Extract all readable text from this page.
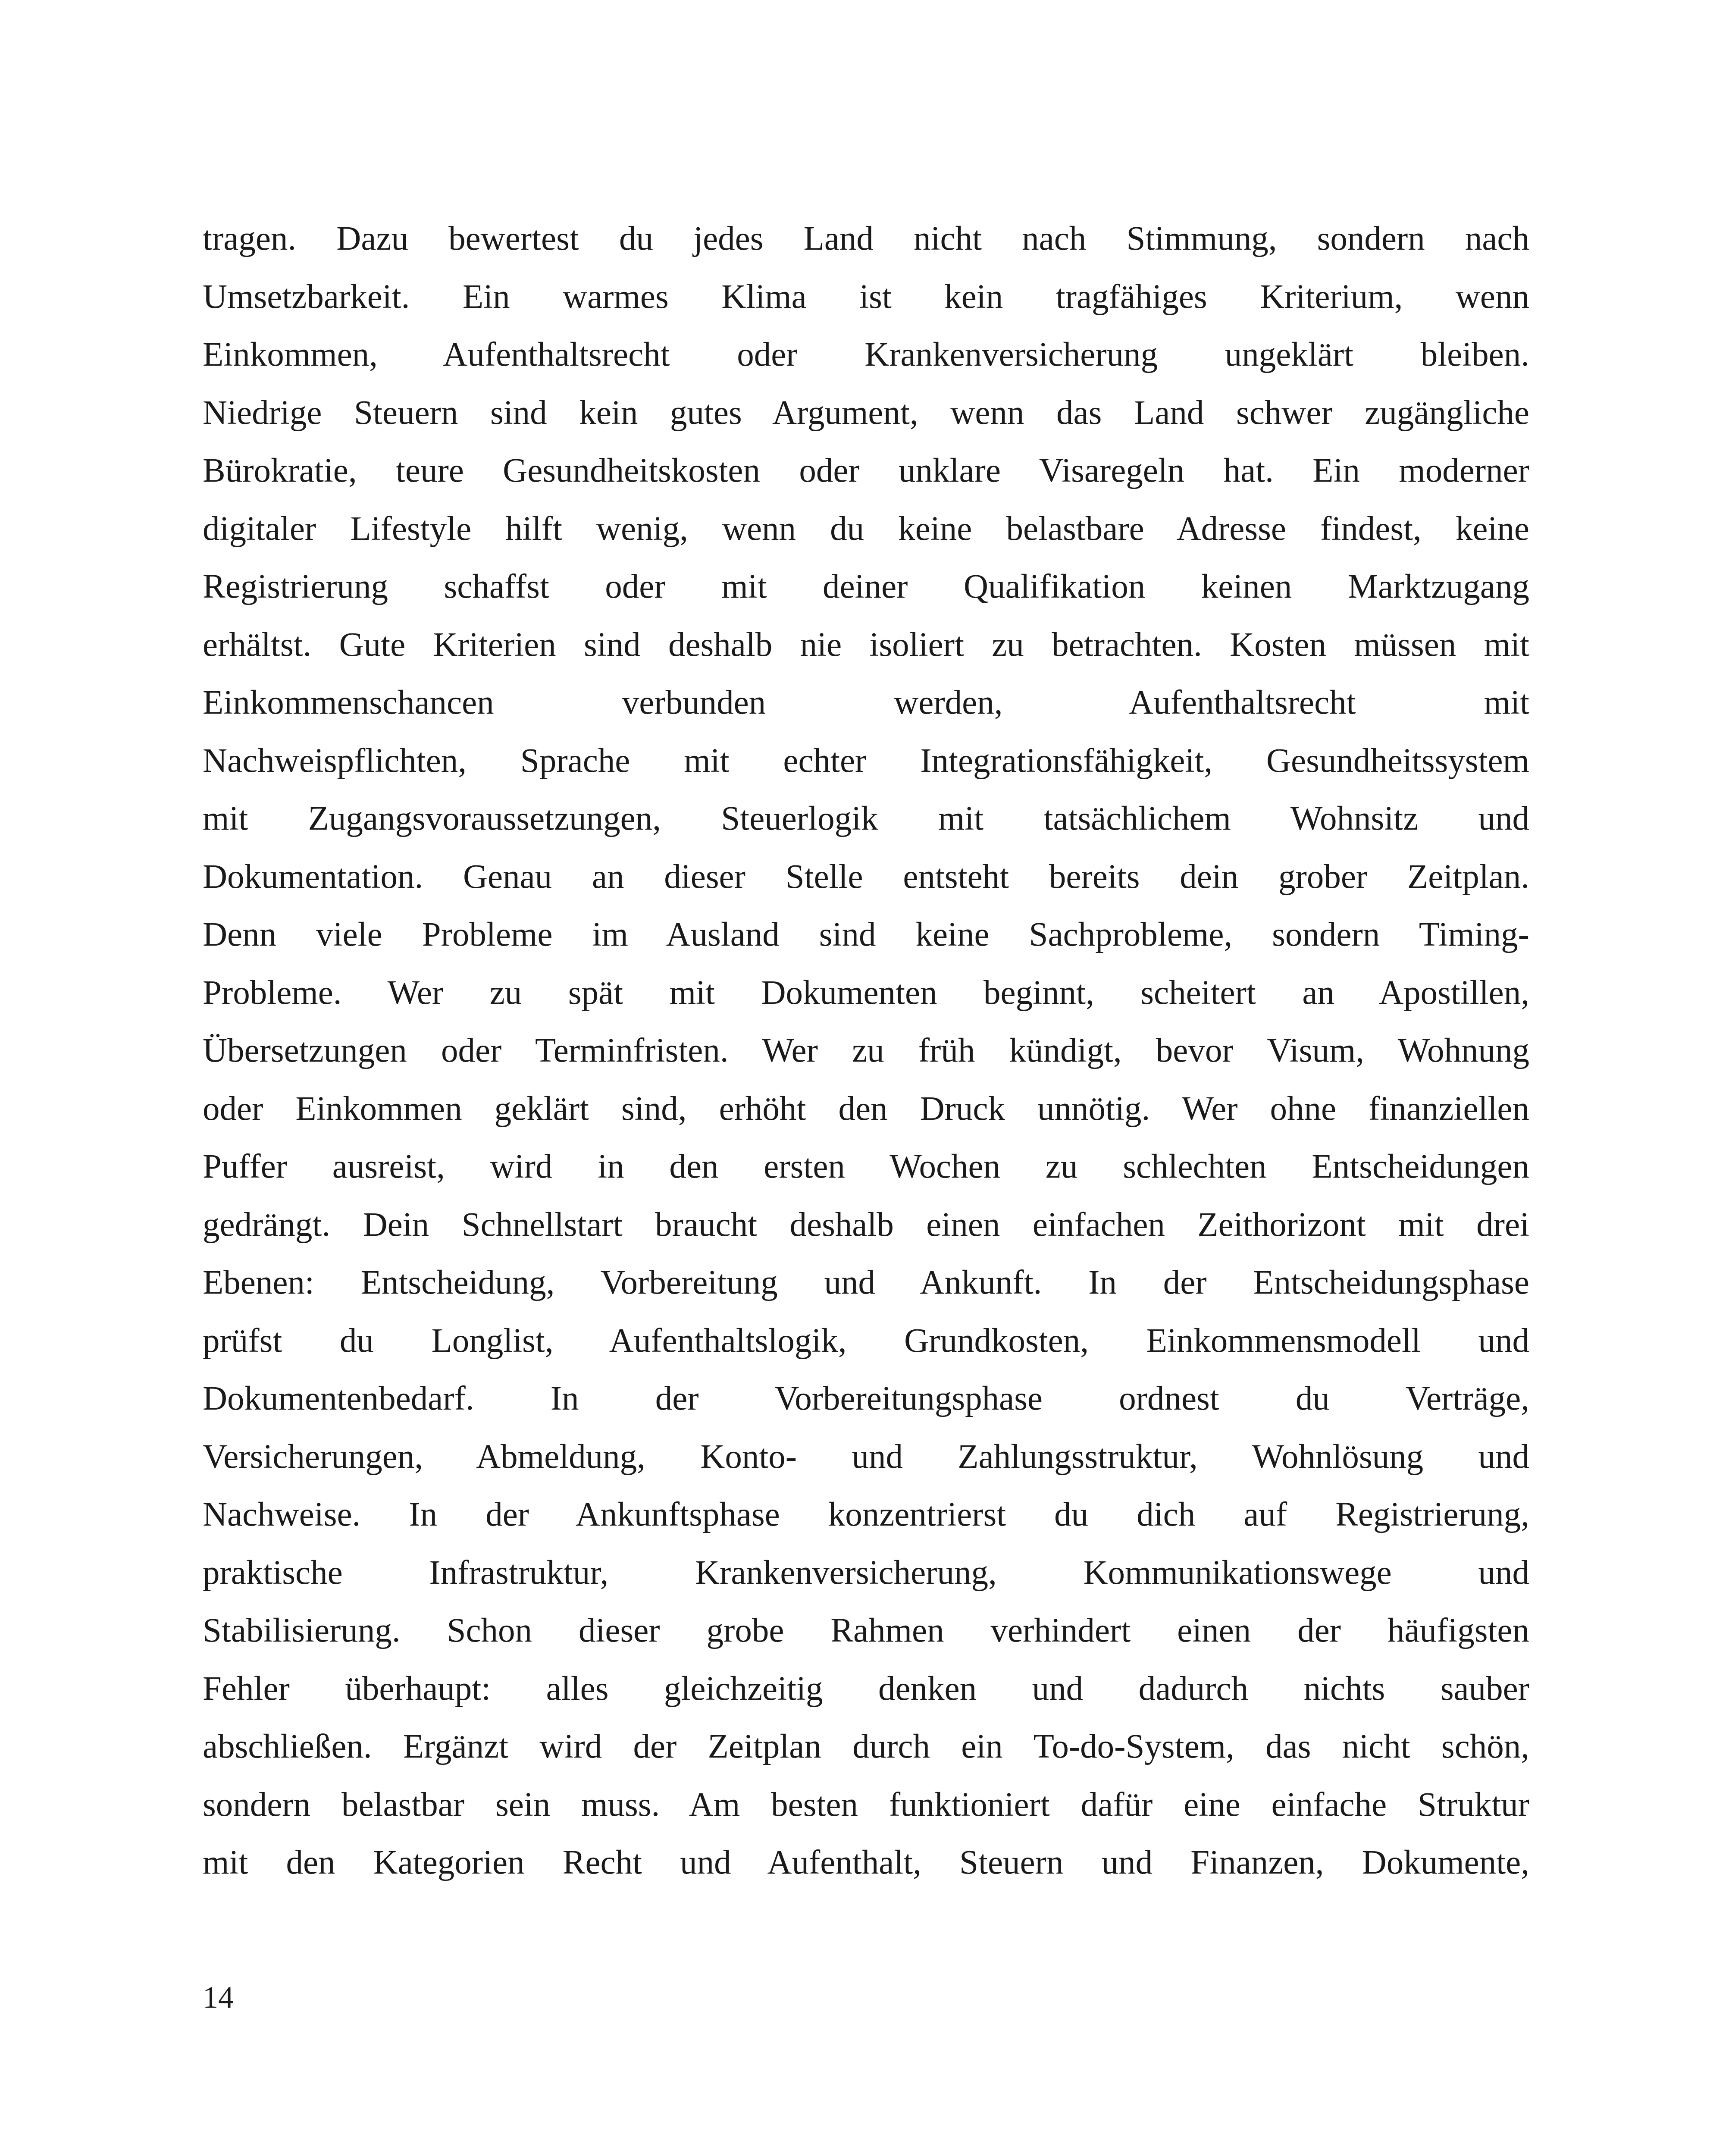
tragen. Dazu bewertest du jedes Land nicht nach Stimmung, sondern nach
Umsetzbarkeit. Ein warmes Klima ist kein tragfähiges Kriterium, wenn
Einkommen, Aufenthaltsrecht oder Krankenversicherung ungeklärt bleiben.
Niedrige Steuern sind kein gutes Argument, wenn das Land schwer zugängliche
Bürokratie, teure Gesundheitskosten oder unklare Visaregeln hat. Ein moderner
digitaler Lifestyle hilft wenig, wenn du keine belastbare Adresse findest, keine
Registrierung schaffst oder mit deiner Qualifikation keinen Marktzugang
erhältst. Gute Kriterien sind deshalb nie isoliert zu betrachten. Kosten müssen mit
Einkommenschancen verbunden werden, Aufenthaltsrecht mit
Nachweispflichten, Sprache mit echter Integrationsfähigkeit, Gesundheitssystem
mit Zugangsvoraussetzungen, Steuerlogik mit tatsächlichem Wohnsitz und
Dokumentation. Genau an dieser Stelle entsteht bereits dein grober Zeitplan.
Denn viele Probleme im Ausland sind keine Sachprobleme, sondern Timing-
Probleme. Wer zu spät mit Dokumenten beginnt, scheitert an Apostillen,
Übersetzungen oder Terminfristen. Wer zu früh kündigt, bevor Visum, Wohnung
oder Einkommen geklärt sind, erhöht den Druck unnötig. Wer ohne finanziellen
Puffer ausreist, wird in den ersten Wochen zu schlechten Entscheidungen
gedrängt. Dein Schnellstart braucht deshalb einen einfachen Zeithorizont mit drei
Ebenen: Entscheidung, Vorbereitung und Ankunft. In der Entscheidungsphase
prüfst du Longlist, Aufenthaltslogik, Grundkosten, Einkommensmodell und
Dokumentenbedarf. In der Vorbereitungsphase ordnest du Verträge,
Versicherungen, Abmeldung, Konto- und Zahlungsstruktur, Wohnlösung und
Nachweise. In der Ankunftsphase konzentrierst du dich auf Registrierung,
praktische Infrastruktur, Krankenversicherung, Kommunikationswege und
Stabilisierung. Schon dieser grobe Rahmen verhindert einen der häufigsten
Fehler überhaupt: alles gleichzeitig denken und dadurch nichts sauber
abschließen. Ergänzt wird der Zeitplan durch ein To-do-System, das nicht schön,
sondern belastbar sein muss. Am besten funktioniert dafür eine einfache Struktur
mit den Kategorien Recht und Aufenthalt, Steuern und Finanzen, Dokumente,
14
